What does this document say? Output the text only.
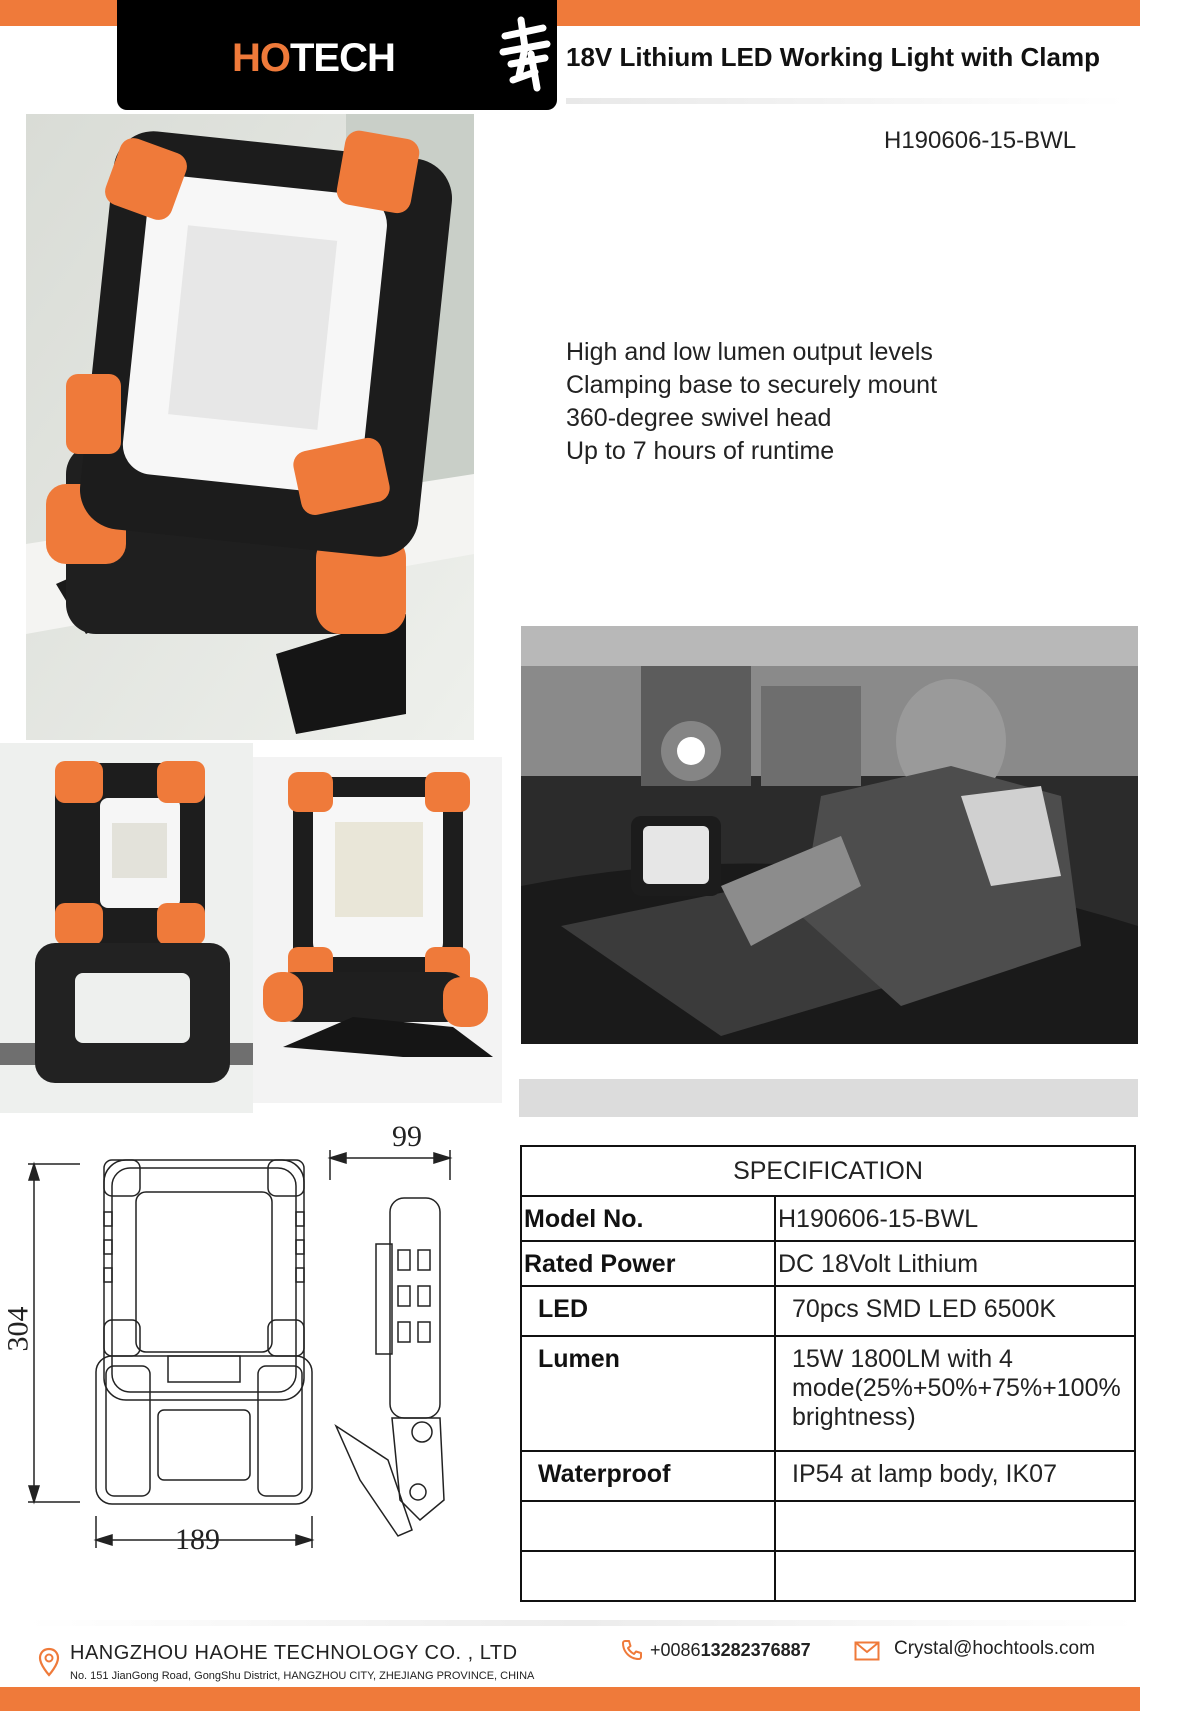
HOTECH	18V Lithium LED Working Light with Clamp
H190606-15-BWL
High and low lumen output levels
Clamping base to securely mount
360-degree swivel head
Up to 7 hours of runtime
SPECIFICATION	
Model No.	H190606-15-BWL
Rated Power	DC 18Volt Lithium
LED	70pcs SMD LED 6500K
Lumen	15W 1800LM with 4 mode(25%+50%+75%+100% brightness)
Waterproof	IP54 at lamp body, IK07

99
304
189
HANGZHOU HAOHE TECHNOLOGY CO. , LTD
No. 151 JianGong Road, GongShu District, HANGZHOU CITY, ZHEJIANG PROVINCE, CHINA
+008613282376887	Crystal@hochtools.com
